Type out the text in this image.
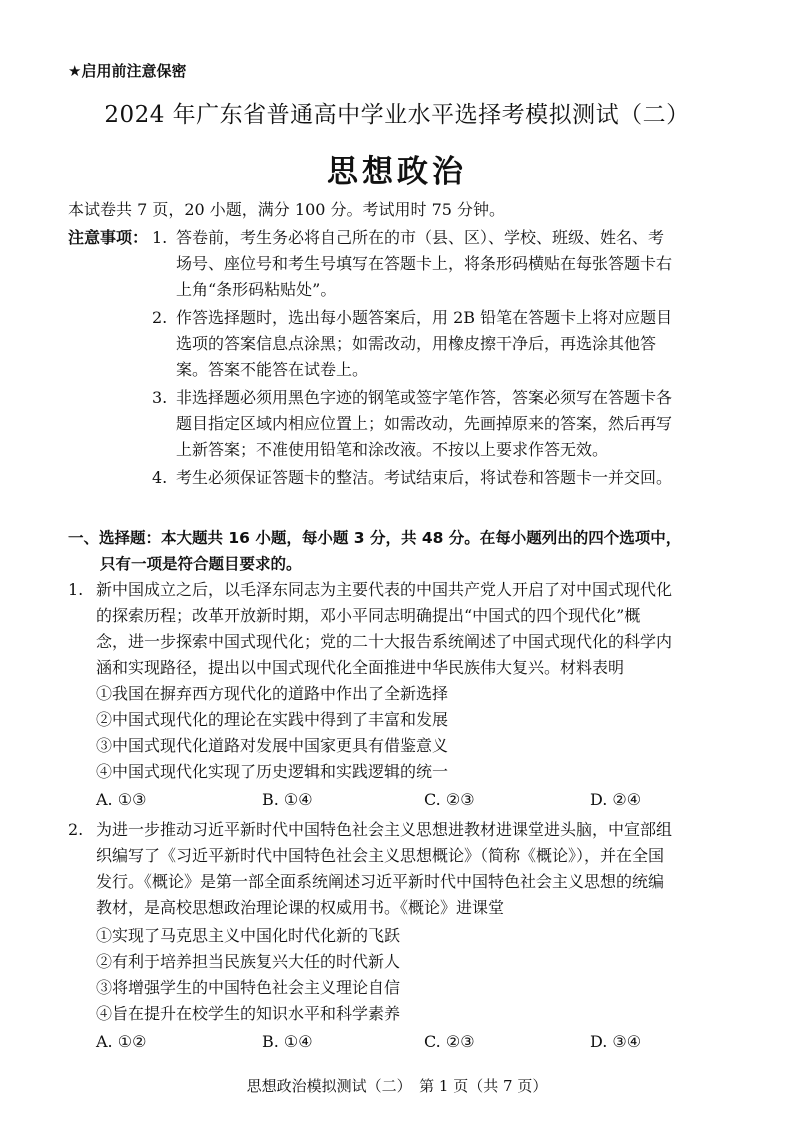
★启用前注意保密
2024 年广东省普通高中学业水平选择考模拟测试（二）
思想政治
本试卷共 7 页，20 小题，满分 100 分。考试用时 75 分钟。
注意事项： 1. 答卷前，考生务必将自己所在的市（县、区）、学校、班级、姓名、考
场号、座位号和考生号填写在答题卡上，将条形码横贴在每张答题卡右
上角“条形码粘贴处”。
2. 作答选择题时，选出每小题答案后，用 2B 铅笔在答题卡上将对应题目
选项的答案信息点涂黑；如需改动，用橡皮擦干净后，再选涂其他答
案。答案不能答在试卷上。
3. 非选择题必须用黑色字迹的钢笔或签字笔作答，答案必须写在答题卡各
题目指定区域内相应位置上；如需改动，先画掉原来的答案，然后再写
上新答案；不准使用铅笔和涂改液。不按以上要求作答无效。
4. 考生必须保证答题卡的整洁。考试结束后，将试卷和答题卡一并交回。
一、选择题：本大题共 16 小题，每小题 3 分，共 48 分。在每小题列出的四个选项中，
只有一项是符合题目要求的。
1. 新中国成立之后，以毛泽东同志为主要代表的中国共产党人开启了对中国式现代化
的探索历程；改革开放新时期，邓小平同志明确提出“中国式的四个现代化”概
念，进一步探索中国式现代化；党的二十大报告系统阐述了中国式现代化的科学内
涵和实现路径，提出以中国式现代化全面推进中华民族伟大复兴。材料表明
①我国在摒弃西方现代化的道路中作出了全新选择
②中国式现代化的理论在实践中得到了丰富和发展
③中国式现代化道路对发展中国家更具有借鉴意义
④中国式现代化实现了历史逻辑和实践逻辑的统一
A. ①③	B. ①④	C. ②③	D. ②④
2. 为进一步推动习近平新时代中国特色社会主义思想进教材进课堂进头脑，中宣部组
织编写了《习近平新时代中国特色社会主义思想概论》（简称《概论》），并在全国
发行。《概论》是第一部全面系统阐述习近平新时代中国特色社会主义思想的统编
教材，是高校思想政治理论课的权威用书。《概论》进课堂
①实现了马克思主义中国化时代化新的飞跃
②有利于培养担当民族复兴大任的时代新人
③将增强学生的中国特色社会主义理论自信
④旨在提升在校学生的知识水平和科学素养
A. ①②	B. ①④	C. ②③	D. ③④
思想政治模拟测试（二）　第 1 页（共 7 页）
